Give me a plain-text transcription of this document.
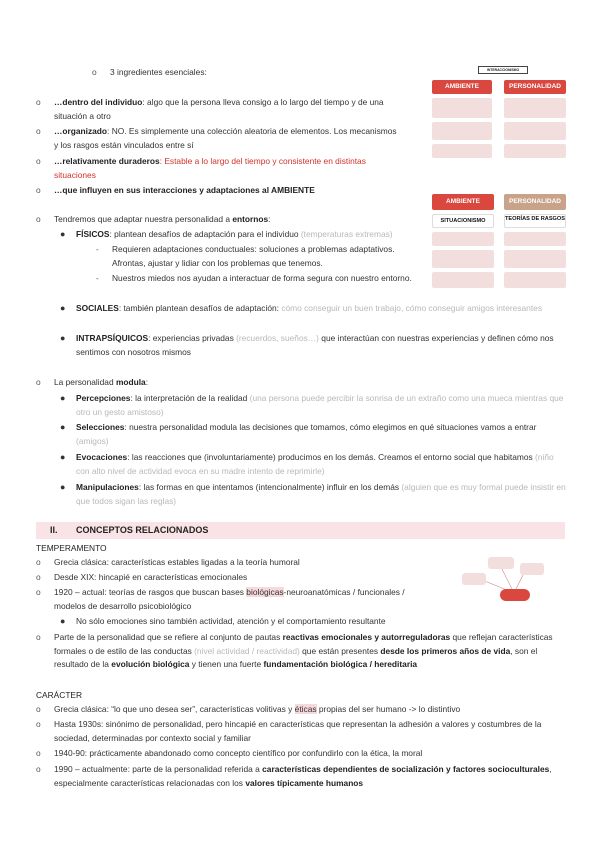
o 3 ingredientes esenciales:
o …dentro del individuo: algo que la persona lleva consigo a lo largo del tiempo y de una situación a otro
o …organizado: NO. Es simplemente una colección aleatoria de elementos. Los mecanismos y los rasgos están vinculados entre sí
o …relativamente duraderos: Estable a lo largo del tiempo y consistente en distintas situaciones
o …que influyen en sus interacciones y adaptaciones al AMBIENTE
INTERACCIONISMO
AMBIENTE	PERSONALIDAD
AMBIENTE	PERSONALIDAD
SITUACIONISMO	TEORÍAS DE RASGOS
o Tendremos que adaptar nuestra personalidad a entornos:
● FÍSICOS: plantean desafíos de adaptación para el individuo (temperaturas extremas)
- Requieren adaptaciones conductuales: soluciones a problemas adaptativos. Afrontas, ajustar y lidiar con los problemas que tenemos.
- Nuestros miedos nos ayudan a interactuar de forma segura con nuestro entorno.
● SOCIALES: también plantean desafíos de adaptación: cómo conseguir un buen trabajo, cómo conseguir amigos interesantes
● INTRAPSÍQUICOS: experiencias privadas (recuerdos, sueños…) que interactúan con nuestras experiencias y definen cómo nos sentimos con nosotros mismos
o La personalidad modula:
● Percepciones: la interpretación de la realidad (una persona puede percibir la sonrisa de un extraño como una mueca mientras que otro un gesto amistoso)
● Selecciones: nuestra personalidad modula las decisiones que tomamos, cómo elegimos en qué situaciones vamos a entrar (amigos)
● Evocaciones: las reacciones que (involuntariamente) producimos en los demás. Creamos el entorno social que habitamos (niño con alto nivel de actividad evoca en su madre intento de reprimirle)
● Manipulaciones: las formas en que intentamos (intencionalmente) influir en los demás (alguien que es muy formal puede insistir en que todos sigan las reglas)
II. CONCEPTOS RELACIONADOS
TEMPERAMENTO
o Grecia clásica: características estables ligadas a la teoría humoral
o Desde XIX: hincapié en características emocionales
o 1920 – actual: teorías de rasgos que buscan bases biológicas-neuroanatómicas / funcionales / modelos de desarrollo psicobiológico
● No sólo emociones sino también actividad, atención y el comportamiento resultante
o Parte de la personalidad que se refiere al conjunto de pautas reactivas emocionales y autorreguladoras que reflejan características formales o de estilo de las conductas (nivel actividad / reactividad) que están presentes desde los primeros años de vida, son el resultado de la evolución biológica y tienen una fuerte fundamentación biológica / hereditaria
CARÁCTER
o Grecia clásica: “lo que uno desea ser”, características volitivas y éticas propias del ser humano -> lo distintivo
o Hasta 1930s: sinónimo de personalidad, pero hincapié en características que representan la adhesión a valores y costumbres de la sociedad, determinadas por contexto social y familiar
o 1940-90: prácticamente abandonado como concepto científico por confundirlo con la ética, la moral
o 1990 – actualmente: parte de la personalidad referida a características dependientes de socialización y factores socioculturales, especialmente características relacionadas con los valores típicamente humanos
